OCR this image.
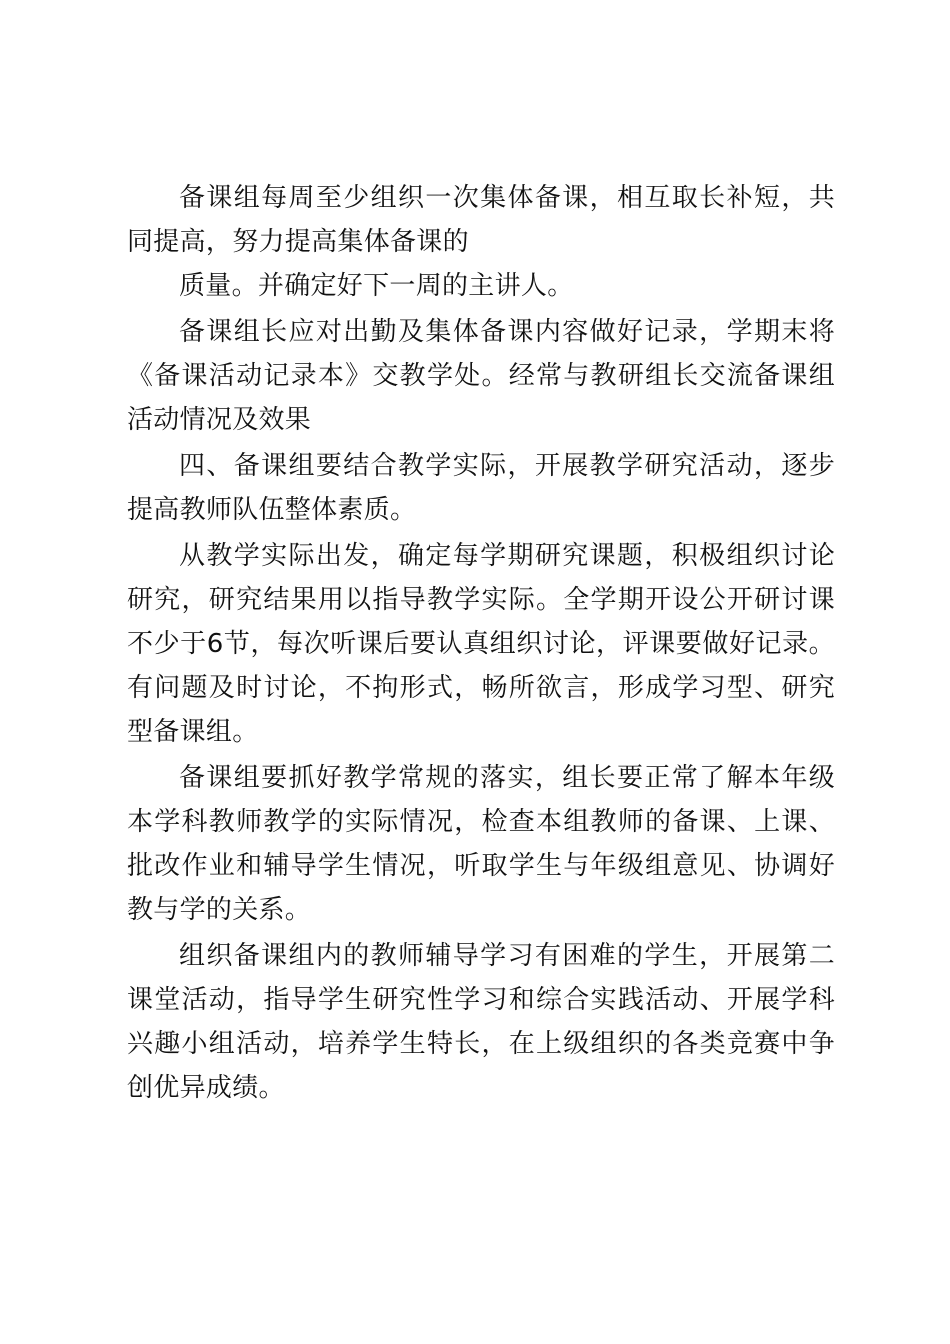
备课组每周至少组织一次集体备课，相互取长补短，共同提高，努力提高集体备课的

质量。并确定好下一周的主讲人。

备课组长应对出勤及集体备课内容做好记录，学期末将《备课活动记录本》交教学处。经常与教研组长交流备课组活动情况及效果

四、备课组要结合教学实际，开展教学研究活动，逐步提高教师队伍整体素质。

从教学实际出发，确定每学期研究课题，积极组织讨论研究，研究结果用以指导教学实际。全学期开设公开研讨课不少于6节，每次听课后要认真组织讨论，评课要做好记录。有问题及时讨论，不拘形式，畅所欲言，形成学习型、研究型备课组。

备课组要抓好教学常规的落实，组长要正常了解本年级本学科教师教学的实际情况，检查本组教师的备课、上课、批改作业和辅导学生情况，听取学生与年级组意见、协调好教与学的关系。

组织备课组内的教师辅导学习有困难的学生，开展第二课堂活动，指导学生研究性学习和综合实践活动、开展学科兴趣小组活动，培养学生特长，在上级组织的各类竞赛中争创优异成绩。
